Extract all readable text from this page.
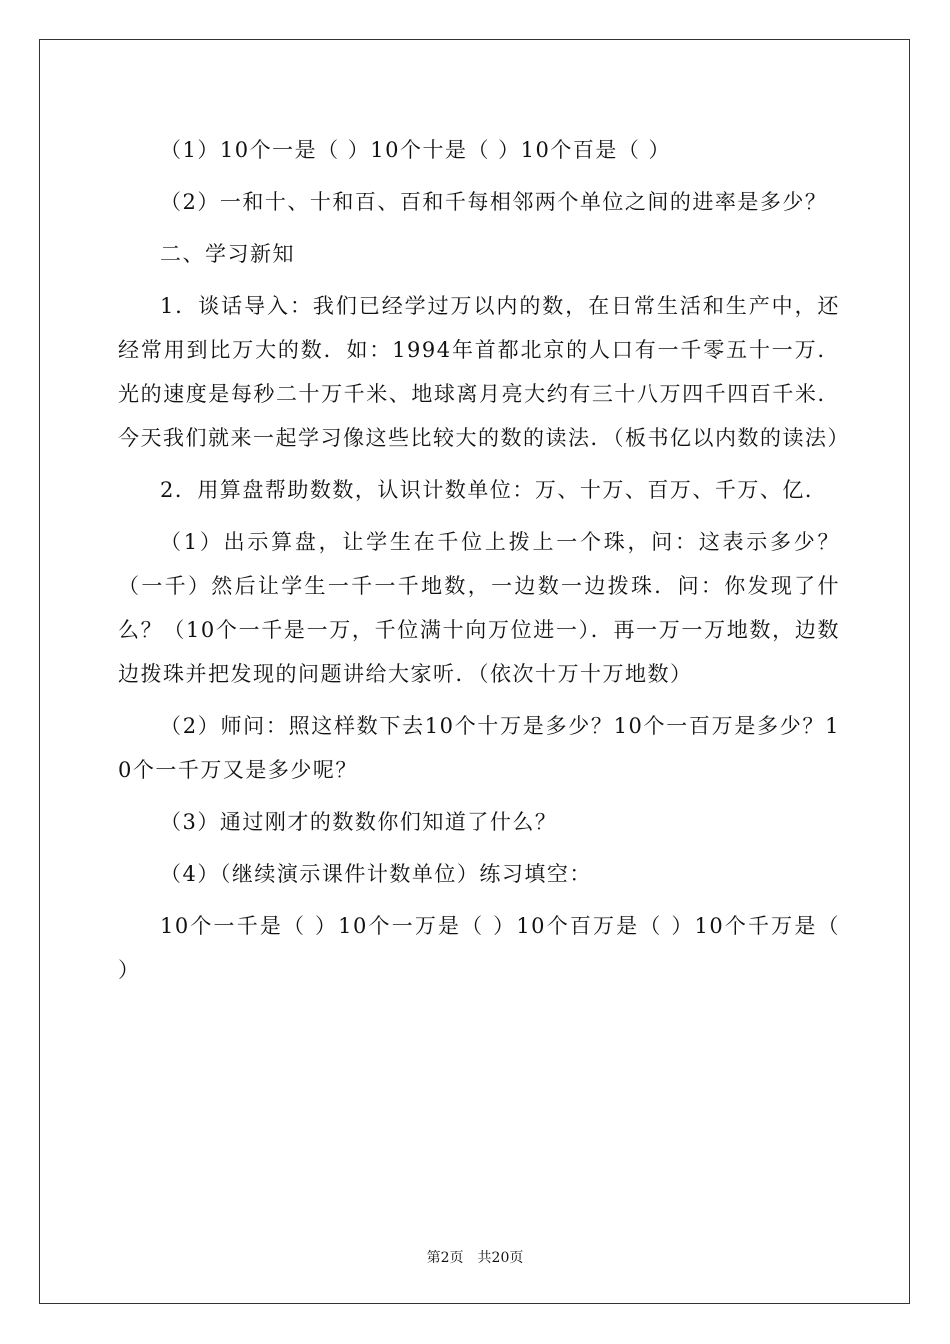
（1）10个一是（ ）10个十是（ ）10个百是（ ）

（2）一和十、十和百、百和千每相邻两个单位之间的进率是多少？

二、学习新知

1．谈话导入：我们已经学过万以内的数，在日常生活和生产中，还经常用到比万大的数．如：1994年首都北京的人口有一千零五十一万．光的速度是每秒二十万千米、地球离月亮大约有三十八万四千四百千米．今天我们就来一起学习像这些比较大的数的读法．（板书亿以内数的读法）

2．用算盘帮助数数，认识计数单位：万、十万、百万、千万、亿．

（1）出示算盘，让学生在千位上拨上一个珠，问：这表示多少？（一千）然后让学生一千一千地数，一边数一边拨珠．问：你发现了什么？（10个一千是一万，千位满十向万位进一）．再一万一万地数，边数边拨珠并把发现的问题讲给大家听．（依次十万十万地数）

（2）师问：照这样数下去10个十万是多少？10个一百万是多少？10个一千万又是多少呢？

（3）通过刚才的数数你们知道了什么？

（4）（继续演示课件计数单位）练习填空：

10个一千是（ ）10个一万是（ ）10个百万是（ ）10个千万是（ ）

第2页　共20页
